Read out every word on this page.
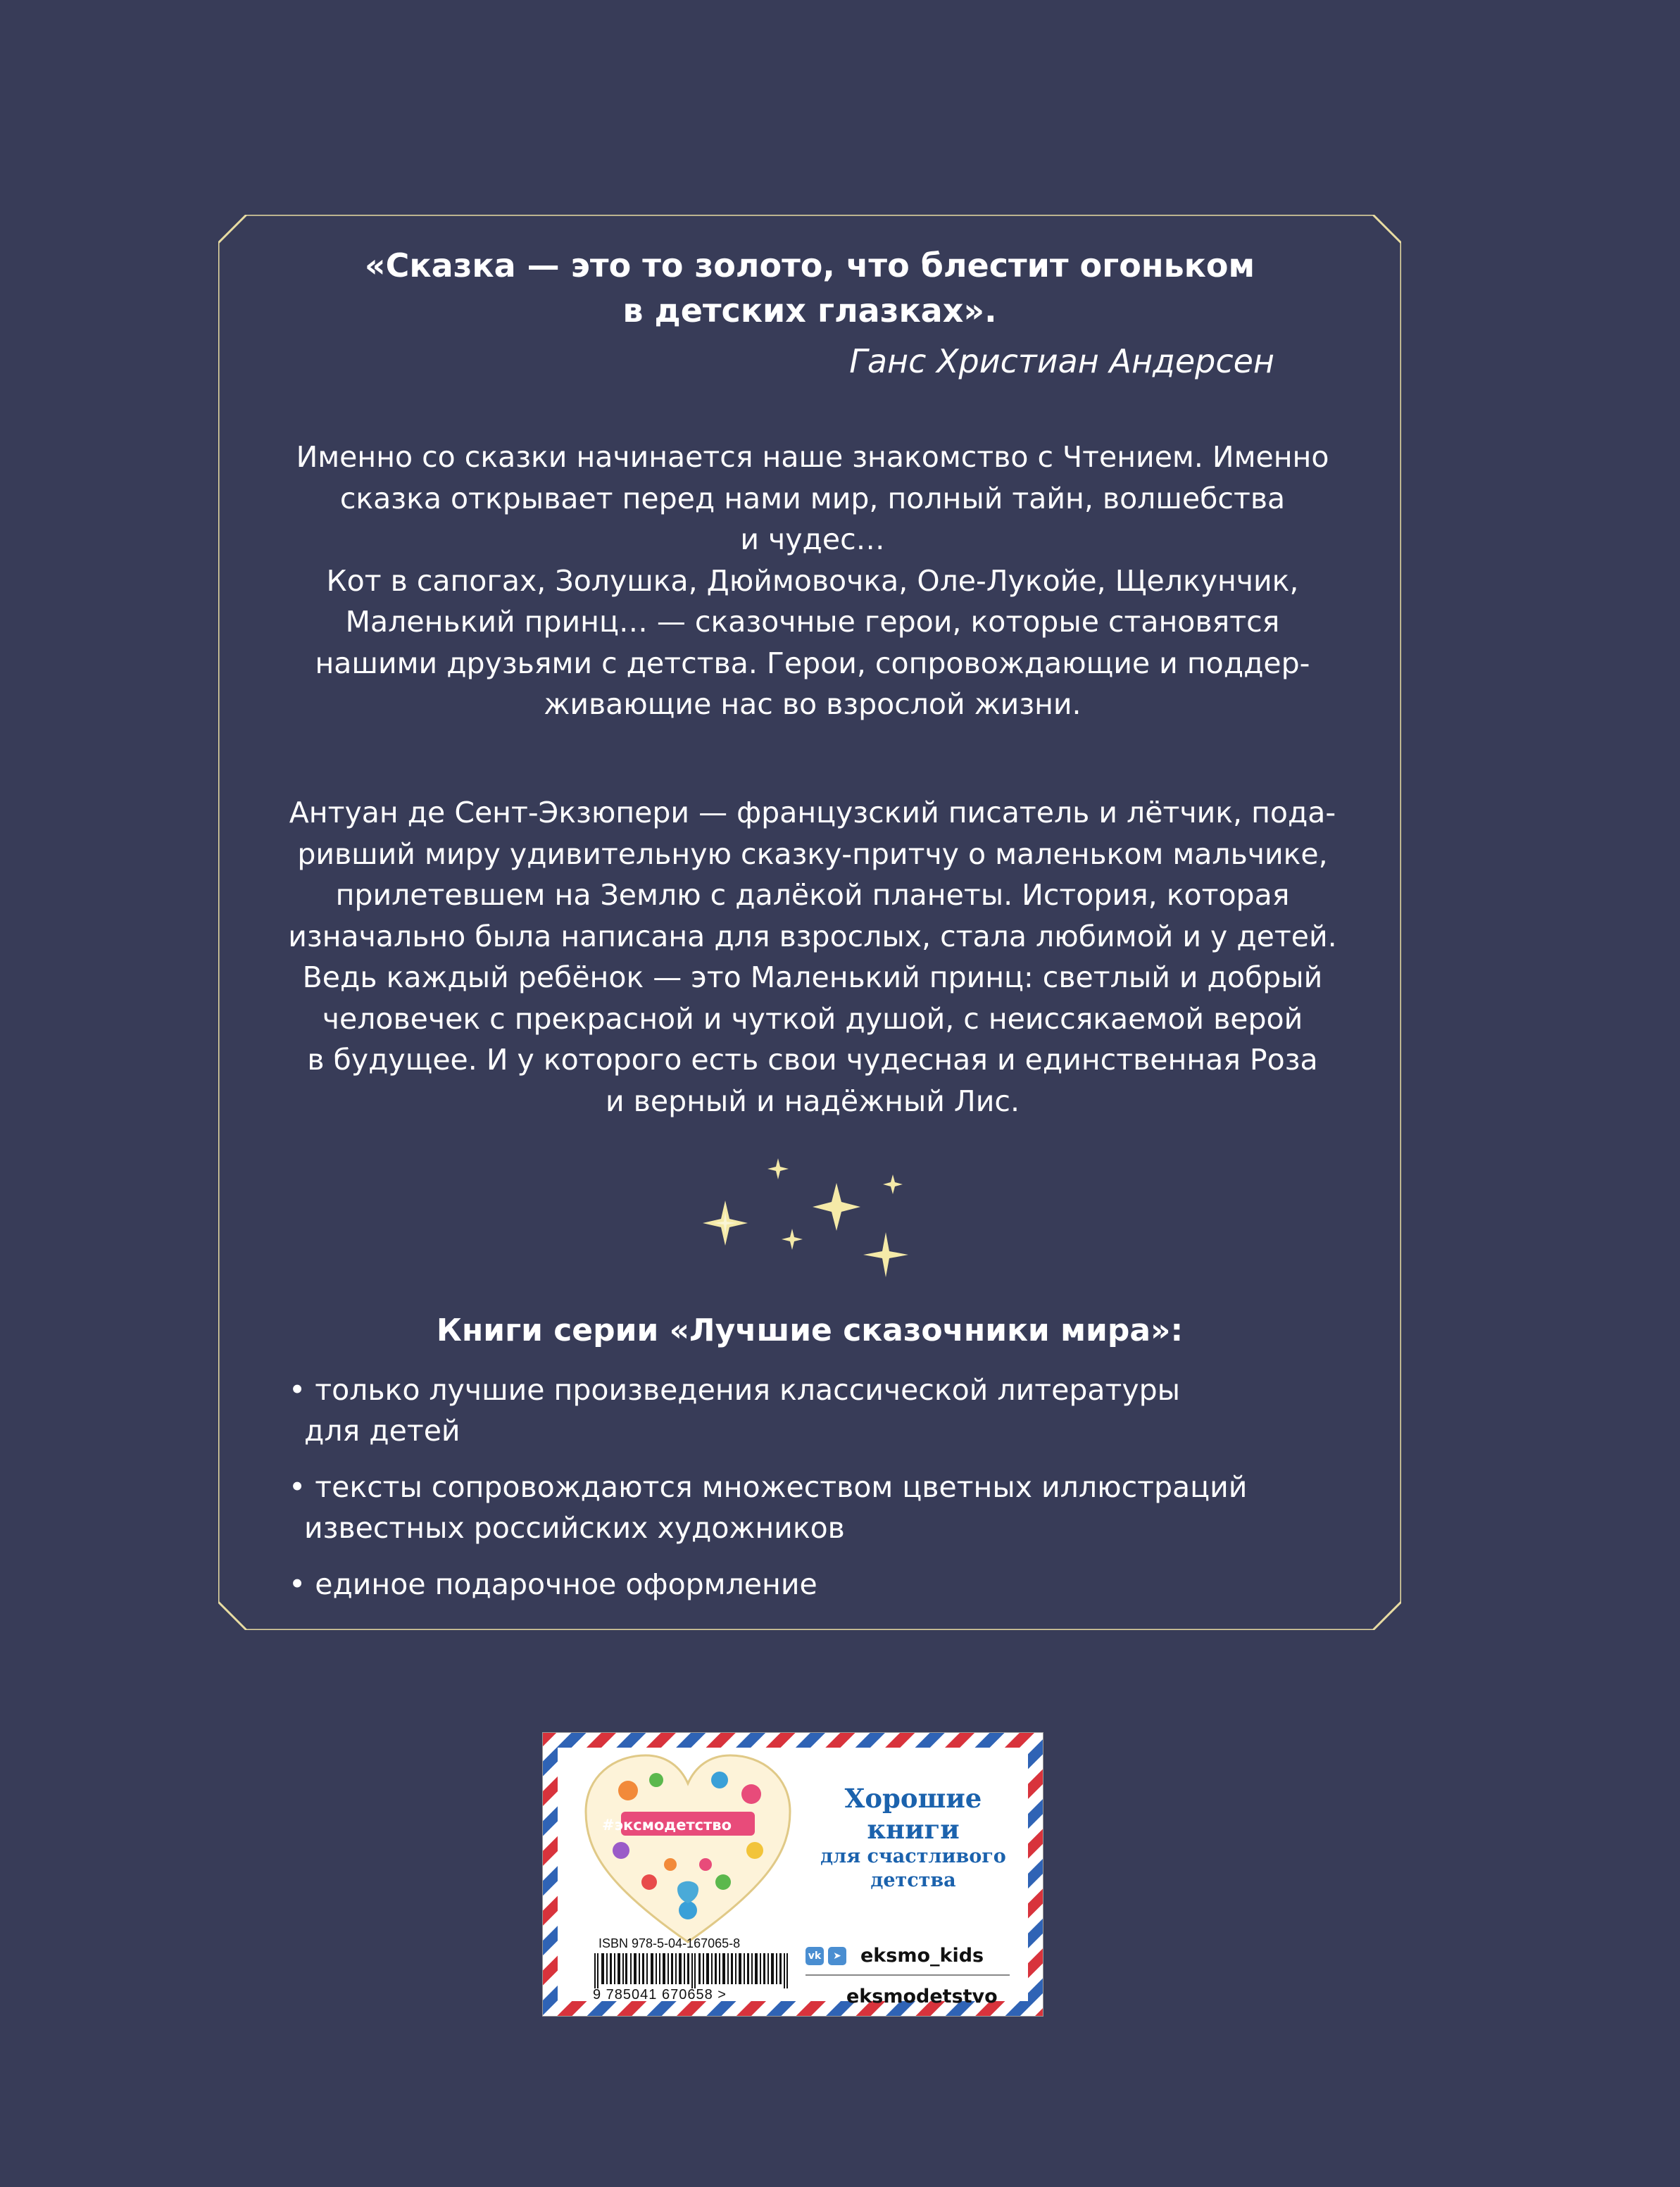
«Сказка — это то золото, что блестит огоньком
в детских глазках».
Ганс Христиан Андерсен
Именно со сказки начинается наше знакомство с Чтением. Именно
сказка открывает перед нами мир, полный тайн, волшебства
и чудес…
Кот в сапогах, Золушка, Дюймовочка, Оле-Лукойе, Щелкунчик,
Маленький принц… — сказочные герои, которые становятся
нашими друзьями с детства. Герои, сопровождающие и поддер-
живающие нас во взрослой жизни.
Антуан де Сент-Экзюпери — французский писатель и лётчик, пода-
ривший миру удивительную сказку-притчу о маленьком мальчике,
прилетевшем на Землю с далёкой планеты. История, которая
изначально была написана для взрослых, стала любимой и у детей.
Ведь каждый ребёнок — это Маленький принц: светлый и добрый
человечек с прекрасной и чуткой душой, с неиссякаемой верой
в будущее. И у которого есть свои чудесная и единственная Роза
и верный и надёжный Лис.
Книги серии «Лучшие сказочники мира»:
• только лучшие произведения классической литературы
для детей
• тексты сопровождаются множеством цветных иллюстраций
известных российских художников
• единое подарочное оформление
#эксмодетство
ISBN 978-5-04-167065-8
9 785041 670658 >
Хорошие
книги
для счастливого
детства
vk	➤ eksmo_kids
eksmodetstvo
